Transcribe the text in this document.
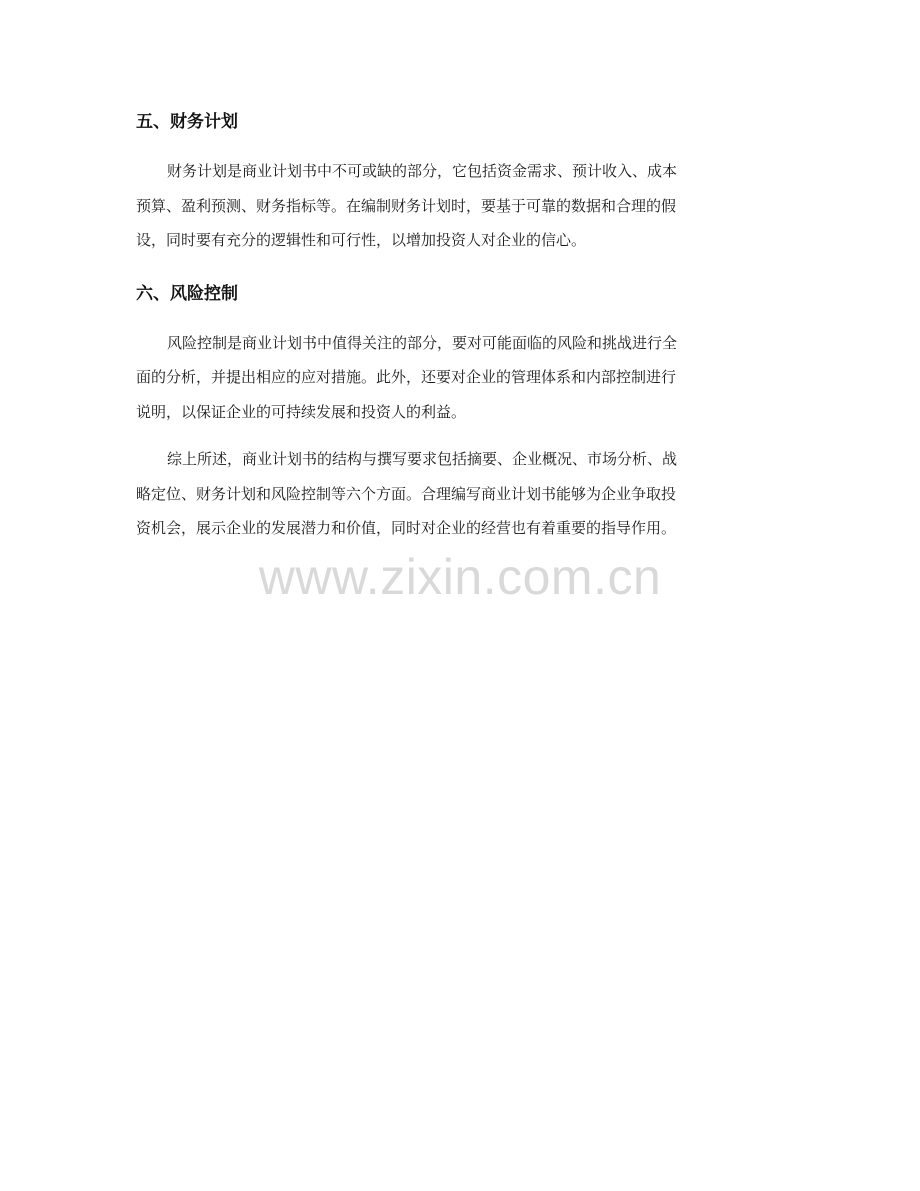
五、财务计划

财务计划是商业计划书中不可或缺的部分，它包括资金需求、预计收入、成本
预算、盈利预测、财务指标等。在编制财务计划时，要基于可靠的数据和合理的假
设，同时要有充分的逻辑性和可行性，以增加投资人对企业的信心。

六、风险控制

风险控制是商业计划书中值得关注的部分，要对可能面临的风险和挑战进行全
面的分析，并提出相应的应对措施。此外，还要对企业的管理体系和内部控制进行
说明，以保证企业的可持续发展和投资人的利益。

综上所述，商业计划书的结构与撰写要求包括摘要、企业概况、市场分析、战
略定位、财务计划和风险控制等六个方面。合理编写商业计划书能够为企业争取投
资机会，展示企业的发展潜力和价值，同时对企业的经营也有着重要的指导作用。

www.zixin.com.cn
